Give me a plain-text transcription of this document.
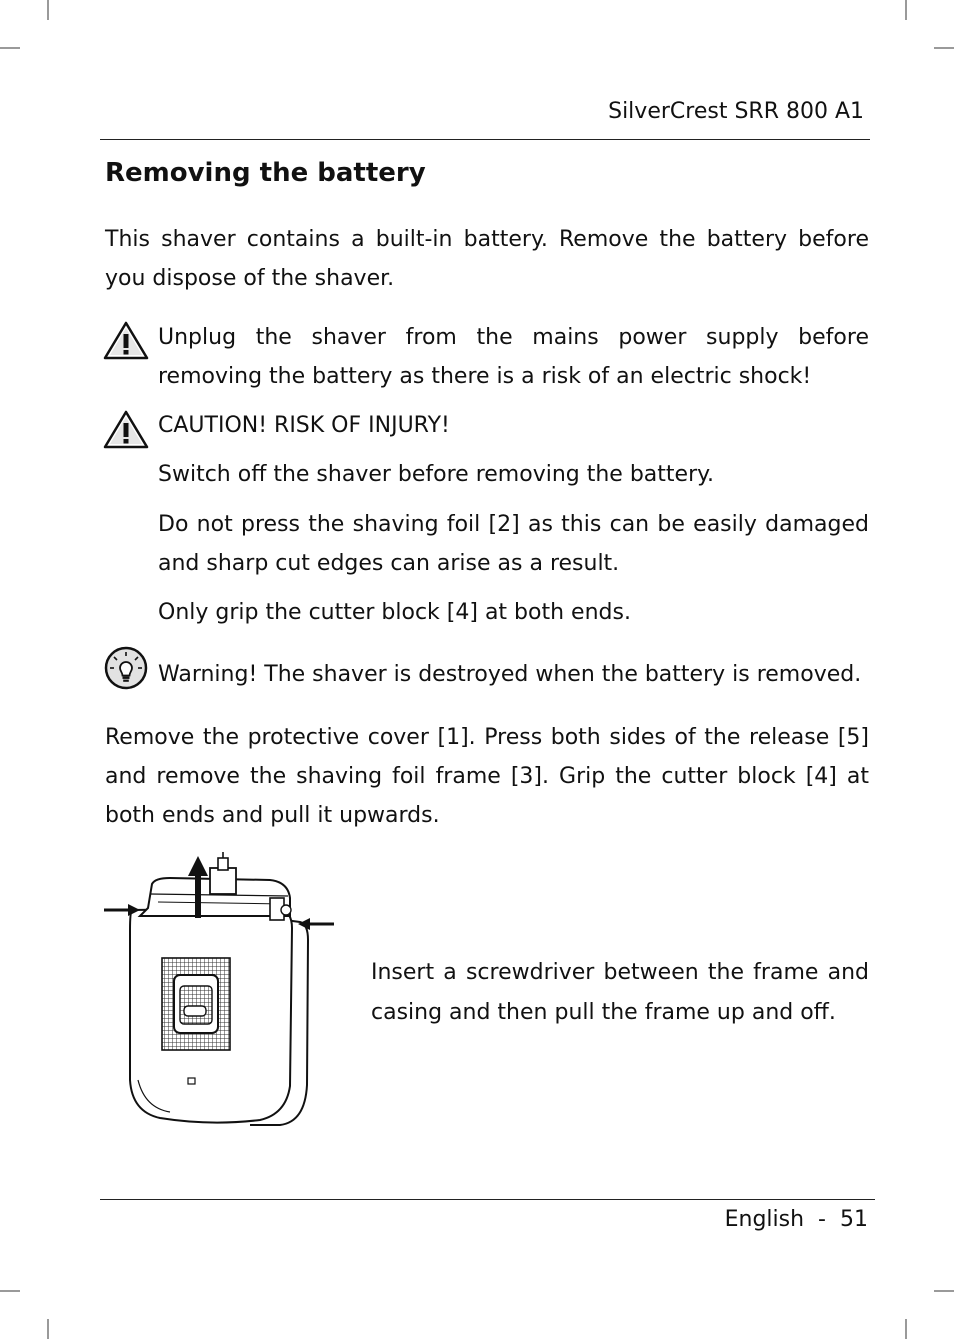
SilverCrest SRR 800 A1
Removing the battery

This shaver contains a built-in battery. Remove the battery before you dispose of the shaver.

Unplug the shaver from the mains power supply before removing the battery as there is a risk of an electric shock!

CAUTION! RISK OF INJURY!

Switch off the shaver before removing the battery.

Do not press the shaving foil [2] as this can be easily damaged and sharp cut edges can arise as a result.

Only grip the cutter block [4] at both ends.

Warning! The shaver is destroyed when the battery is removed.

Remove the protective cover [1]. Press both sides of the release [5] and remove the shaving foil frame [3]. Grip the cutter block [4] at both ends and pull it upwards.

Insert a screwdriver between the frame and casing and then pull the frame up and off.

English - 51
